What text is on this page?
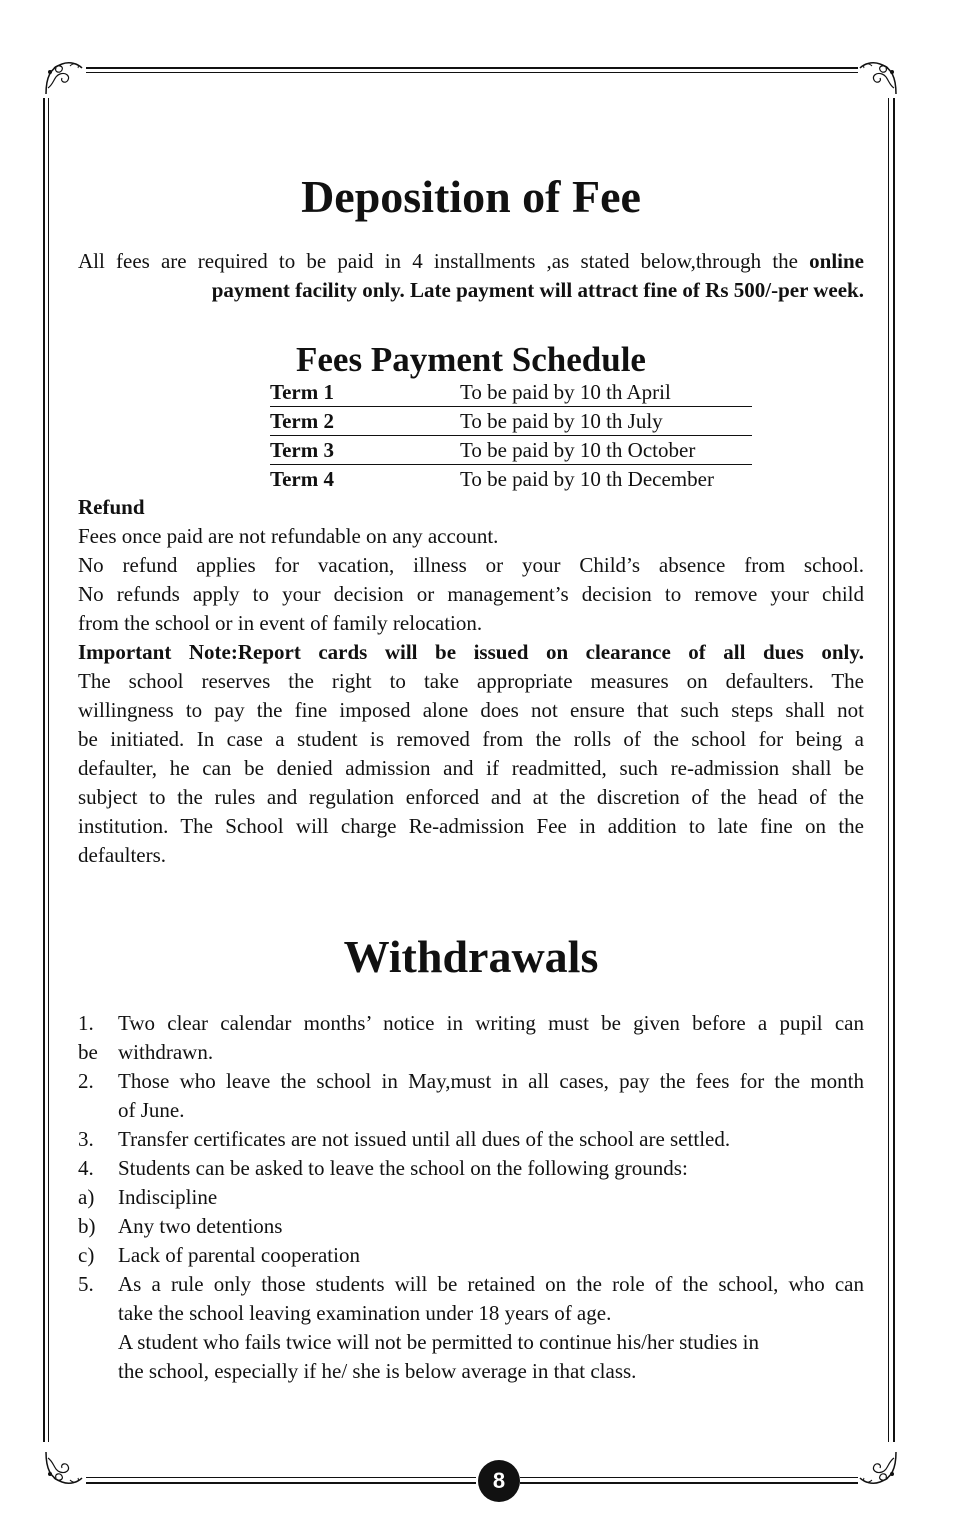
8
Deposition of Fee

All fees are required to be paid in 4 installments ,as stated below,through the online

payment facility only. Late payment will attract fine of Rs 500/-per week.

Fees Payment Schedule
Term 1	To be paid by 10 th April
Term 2	To be paid by 10 th July
Term 3	To be paid by 10 th October
Term 4	To be paid by 10 th December
Refund

Fees once paid are not refundable on any account.

No refund applies for vacation, illness or your Child’s absence from school.

No refunds apply to your decision or management’s decision to remove your child

from the school or in event of family relocation.

Important Note:Report cards will be issued on clearance of all dues only.

The school reserves the right to take appropriate measures on defaulters. The

willingness to pay the fine imposed alone does not ensure that such steps shall not

be initiated. In case a student is removed from the rolls of the school for being a

defaulter, he can be denied admission and if readmitted, such re-admission shall be

subject to the rules and regulation enforced and at the discretion of the head of the

institution. The School will charge Re-admission Fee in addition to late fine on the

defaulters.

Withdrawals
1.	Two clear calendar months’ notice in writing must be given before a pupil can
be withdrawn.
2.	Those who leave the school in May,must in all cases, pay the fees for the month
of June.
3.	Transfer certificates are not issued until all dues of the school are settled.
4.	Students can be asked to leave the school on the following grounds:
a)	Indiscipline
b)	Any two detentions
c)	Lack of parental cooperation
5.	As a rule only those students will be retained on the role of the school, who can
take the school leaving examination under 18 years of age.
A student who fails twice will not be permitted to continue his/her studies in
the school, especially if he/ she is below average in that class.
